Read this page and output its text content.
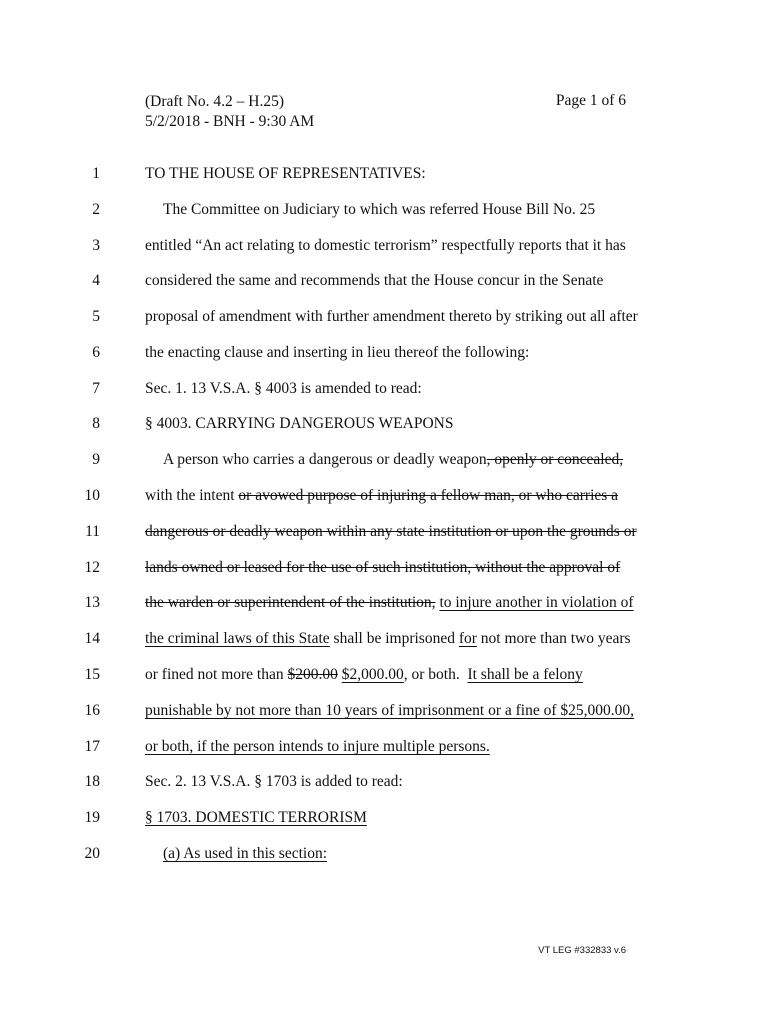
(Draft No. 4.2 – H.25)
5/2/2018 - BNH - 9:30 AM
Page 1 of 6
1	TO THE HOUSE OF REPRESENTATIVES:
2	The Committee on Judiciary to which was referred House Bill No. 25
3	entitled “An act relating to domestic terrorism” respectfully reports that it has
4	considered the same and recommends that the House concur in the Senate
5	proposal of amendment with further amendment thereto by striking out all after
6	the enacting clause and inserting in lieu thereof the following:
7	Sec. 1. 13 V.S.A. § 4003 is amended to read:
8	§ 4003. CARRYING DANGEROUS WEAPONS
9	A person who carries a dangerous or deadly weapon, openly or concealed,
10	with the intent or avowed purpose of injuring a fellow man, or who carries a
11	dangerous or deadly weapon within any state institution or upon the grounds or
12	lands owned or leased for the use of such institution, without the approval of
13	the warden or superintendent of the institution, to injure another in violation of
14	the criminal laws of this State shall be imprisoned for not more than two years
15	or fined not more than $200.00 $2,000.00, or both.  It shall be a felony
16	punishable by not more than 10 years of imprisonment or a fine of $25,000.00,
17	or both, if the person intends to injure multiple persons.
18	Sec. 2. 13 V.S.A. § 1703 is added to read:
19	§ 1703. DOMESTIC TERRORISM
20	(a) As used in this section:
VT LEG #332833 v.6
